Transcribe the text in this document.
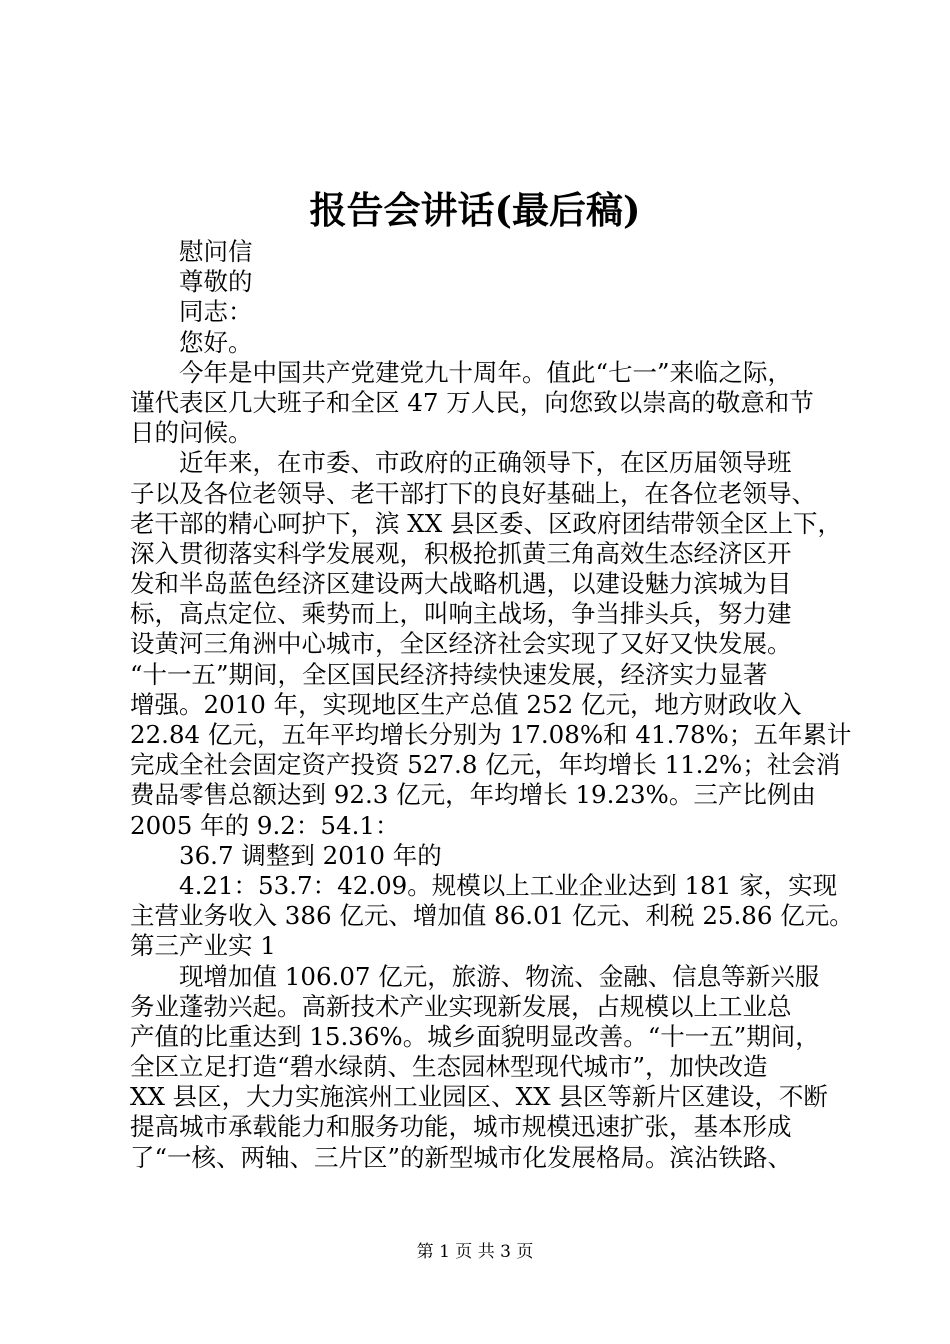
报告会讲话(最后稿)
慰问信
尊敬的
同志：
您好。
今年是中国共产党建党九十周年。值此“七一”来临之际，
谨代表区几大班子和全区 47 万人民，向您致以崇高的敬意和节
日的问候。
近年来，在市委、市政府的正确领导下，在区历届领导班
子以及各位老领导、老干部打下的良好基础上，在各位老领导、
老干部的精心呵护下，滨 XX 县区委、区政府团结带领全区上下，
深入贯彻落实科学发展观，积极抢抓黄三角高效生态经济区开
发和半岛蓝色经济区建设两大战略机遇，以建设魅力滨城为目
标，高点定位、乘势而上，叫响主战场，争当排头兵，努力建
设黄河三角洲中心城市，全区经济社会实现了又好又快发展。
“十一五”期间，全区国民经济持续快速发展，经济实力显著
增强。2010 年，实现地区生产总值 252 亿元，地方财政收入
22.84 亿元，五年平均增长分别为 17.08%和 41.78%；五年累计
完成全社会固定资产投资 527.8 亿元，年均增长 11.2%；社会消
费品零售总额达到 92.3 亿元，年均增长 19.23%。三产比例由
2005 年的 9.2：54.1：
36.7 调整到 2010 年的
4.21：53.7：42.09。规模以上工业企业达到 181 家，实现
主营业务收入 386 亿元、增加值 86.01 亿元、利税 25.86 亿元。
第三产业实 1
现增加值 106.07 亿元，旅游、物流、金融、信息等新兴服
务业蓬勃兴起。高新技术产业实现新发展，占规模以上工业总
产值的比重达到 15.36%。城乡面貌明显改善。“十一五”期间，
全区立足打造“碧水绿荫、生态园林型现代城市”，加快改造
XX 县区，大力实施滨州工业园区、XX 县区等新片区建设，不断
提高城市承载能力和服务功能，城市规模迅速扩张，基本形成
了“一核、两轴、三片区”的新型城市化发展格局。滨沾铁路、
第 1 页 共 3 页
